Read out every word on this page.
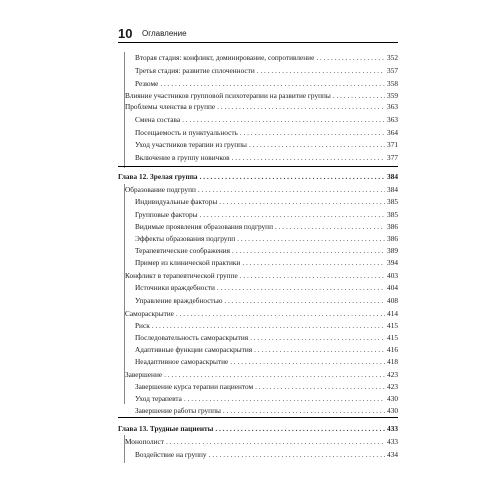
10 Оглавление
Вторая стадия: конфликт, доминирование, сопротивление . . .	352
Третья стадия: развитие сплоченности . . .	357
Резюме . . .	358
Влияние участников групповой психотерапии на развитие группы . . .	359
Проблемы членства в группе . . .	363
Смена состава . . .	363
Посещаемость и пунктуальность . . .	364
Уход участников терапии из группы . . .	371
Включение в группу новичков . . .	377
Глава 12. Зрелая группа . . .	384
Образование подгрупп . . .	384
Индивидуальные факторы . . .	385
Групповые факторы . . .	385
Видимые проявления образования подгрупп . . .	386
Эффекты образования подгрупп . . .	386
Терапевтические соображения . . .	389
Пример из клинической практики . . .	394
Конфликт в терапевтической группе . . .	403
Источники враждебности . . .	404
Управление враждебностью . . .	408
Самораскрытие . . .	414
Риск . . .	415
Последовательность самораскрытия . . .	415
Адаптивные функции самораскрытия . . .	416
Неадаптивное самораскрытие . . .	418
Завершение . . .	423
Завершение курса терапии пациентом . . .	423
Уход терапевта . . .	430
Завершение работы группы . . .	430
Глава 13. Трудные пациенты . . .	433
Монополист . . .	433
Воздействие на группу . . .	434
